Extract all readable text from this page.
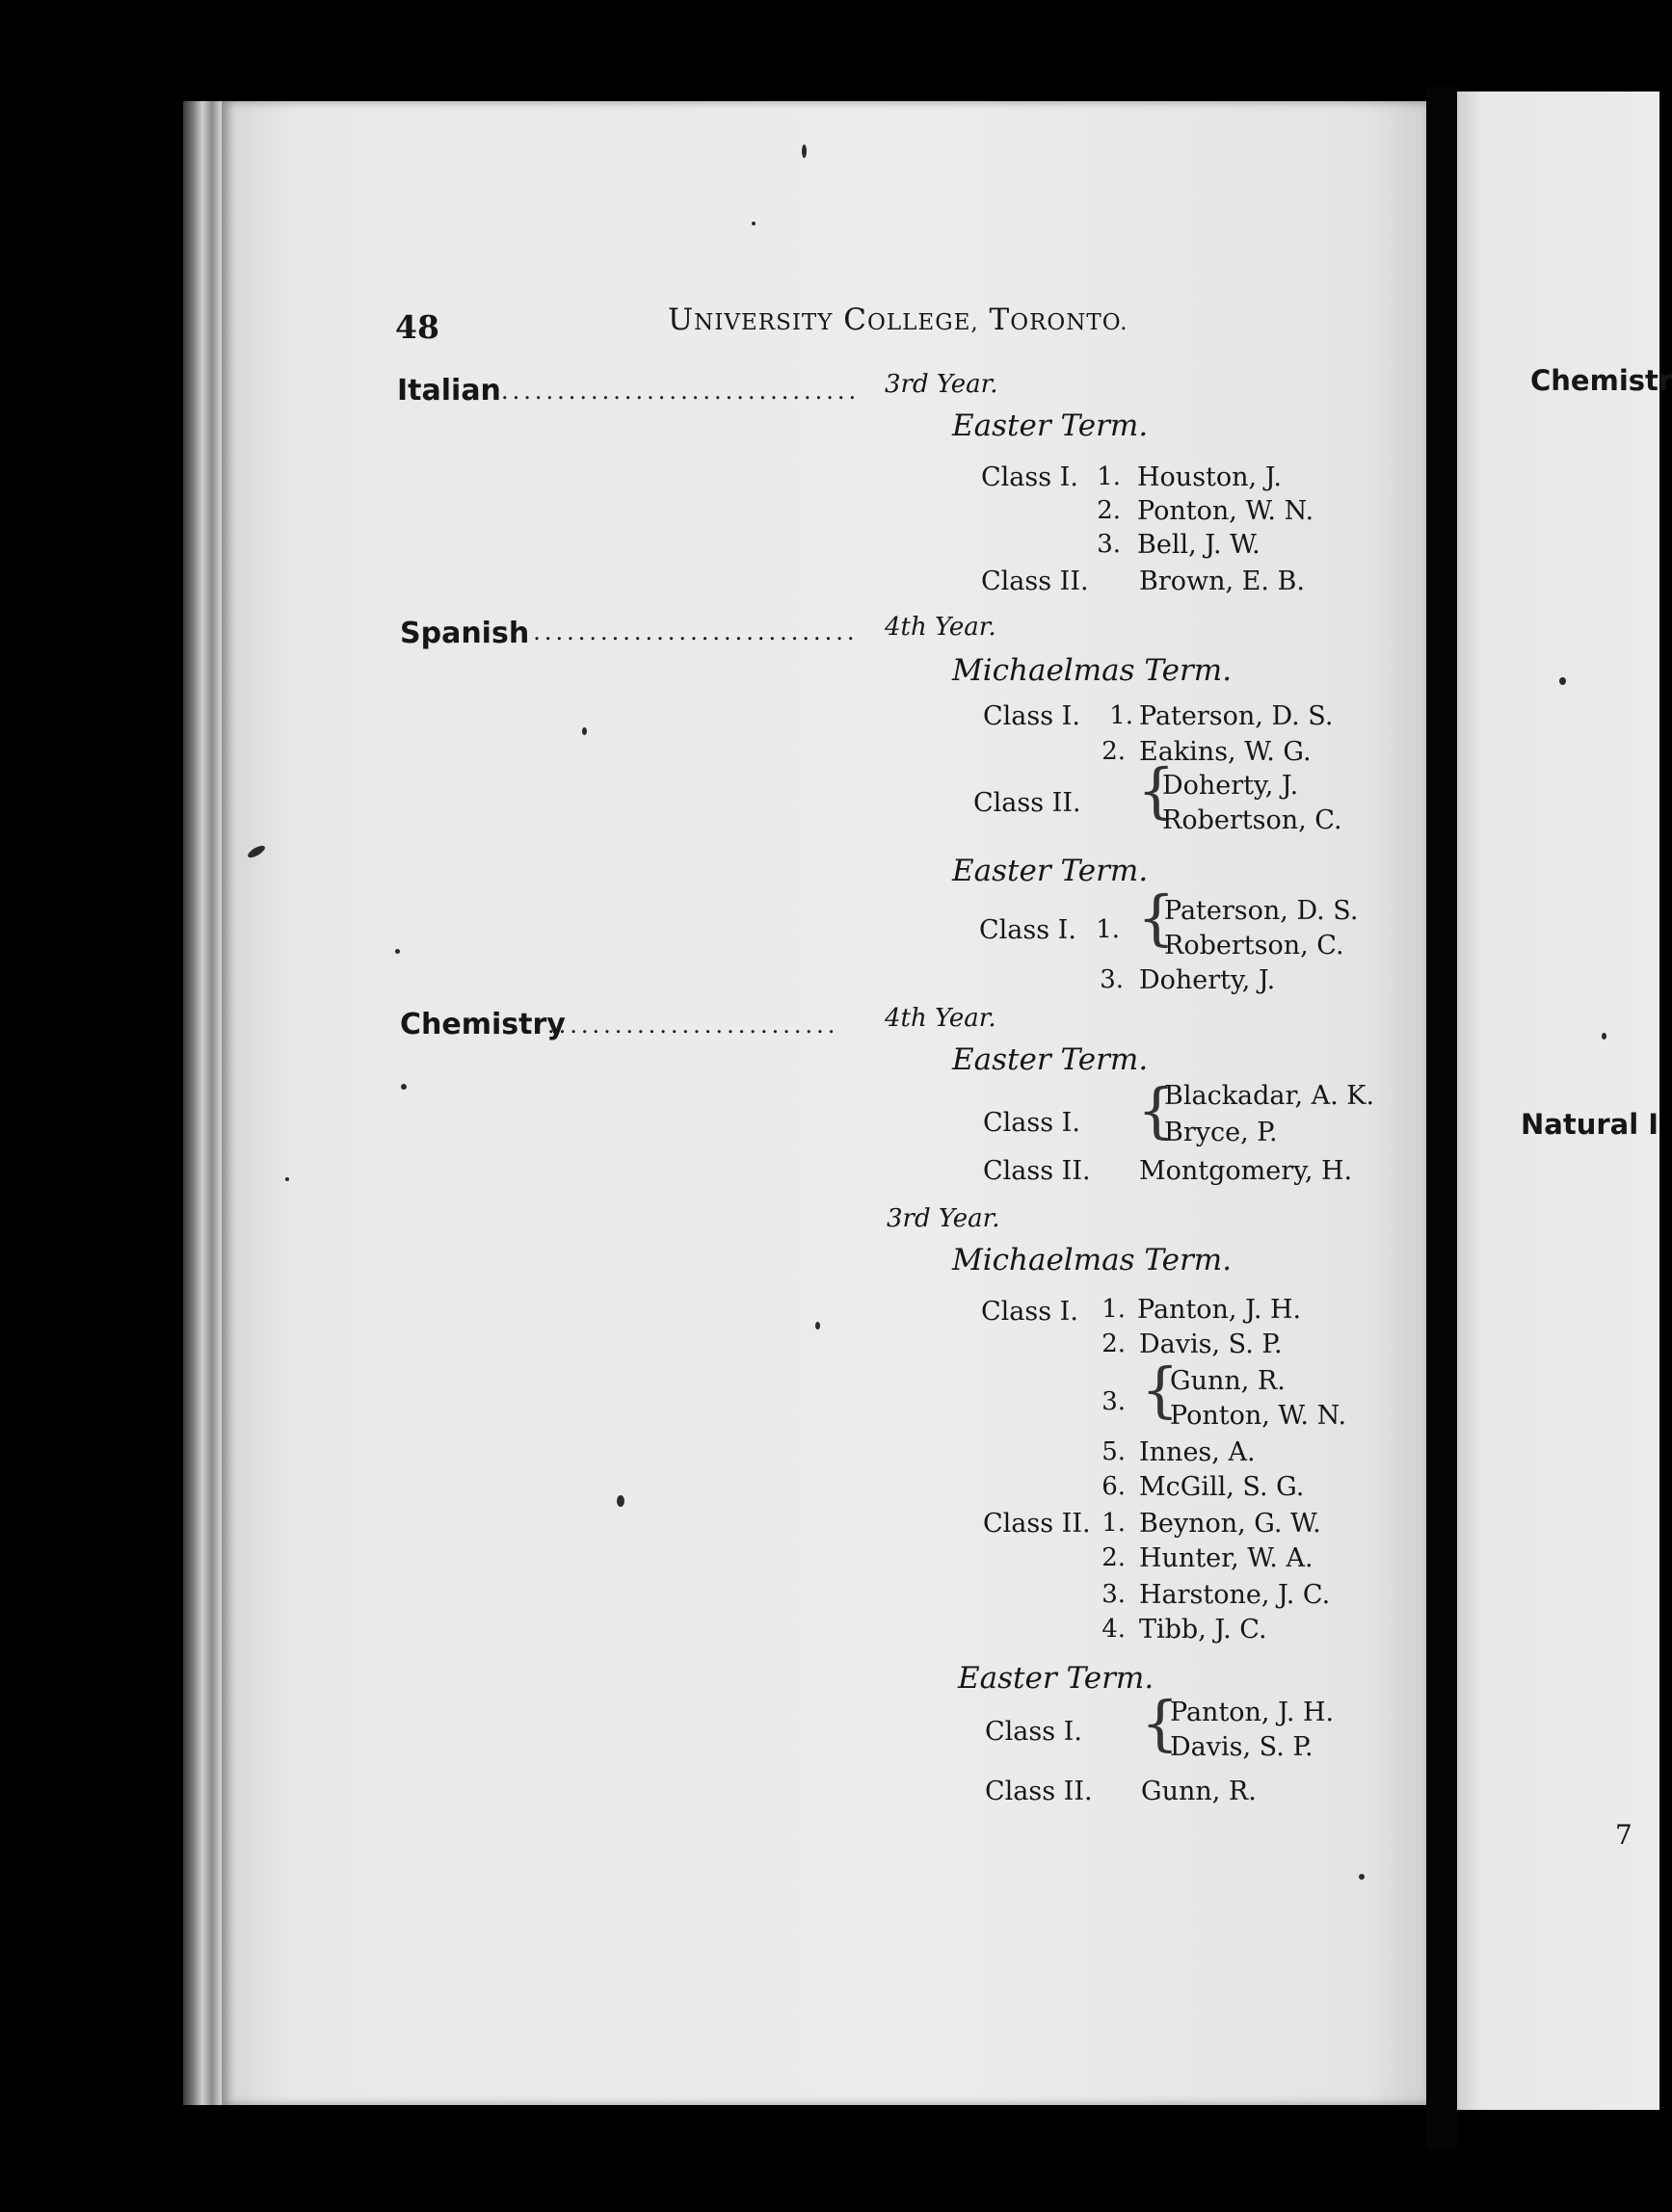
48	UNIVERSITY COLLEGE, TORONTO.
Italian ................................ 3rd Year.
Easter Term.
Class I. 1. Houston, J.
2. Ponton, W. N.
3. Bell, J. W.
Class II. Brown, E. B.
Spanish
............................... 4th Year.
Michaelmas Term.
Class I. 1. Paterson, D. S.
2. Eakins, W. G.
Class II. {
Doherty, J.
Robertson, C.
Easter Term.
Class I. 1. {
Paterson, D. S.
Robertson, C.
3. Doherty, J.
Chemistry
.......................... 4th Year.
Easter Term.
Class I. {
Blackadar, A. K.
Bryce, P.
Class II. Montgomery, H.
3rd Year.
Michaelmas Term.
Class I. 1. Panton, J. H.
2. Davis, S. P.
3. {
Gunn, R.
Ponton, W. N.
5. Innes, A.
6. McGill, S. G.
Class II. 1. Beynon, G. W.
2. Hunter, W. A.
3. Harstone, J. C.
4. Tibb, J. C.
Easter Term.
Class I. {
Panton, J. H.
Davis, S. P.
Class II. Gunn, R.
Chemistr
Natural I
7
